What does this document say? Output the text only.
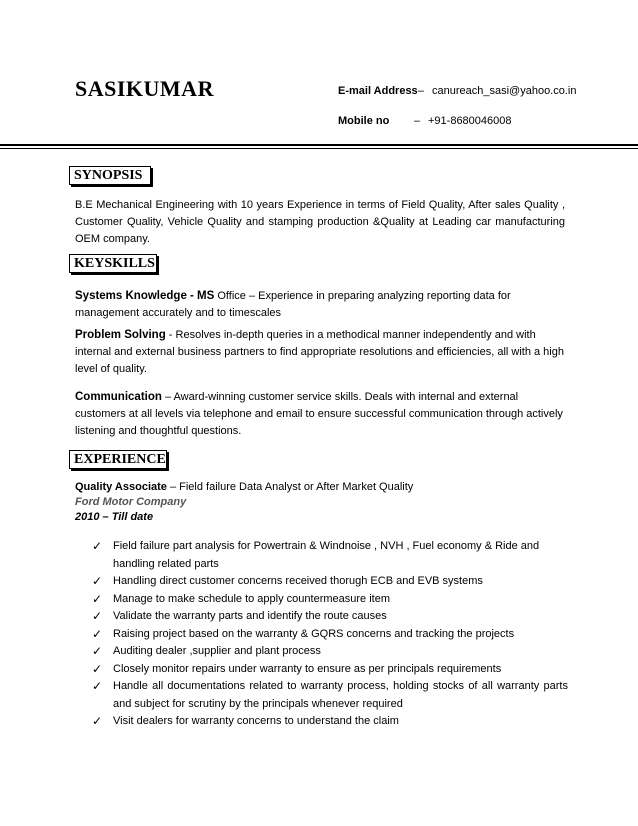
SASIKUMAR	E-mail Address– canureach_sasi@yahoo.co.in
Mobile no – +91-8680046008
SYNOPSIS
B.E Mechanical Engineering with 10 years Experience in terms of Field Quality, After sales Quality , Customer Quality, Vehicle Quality and stamping production &Quality at Leading car manufacturing OEM company.
KEYSKILLS
Systems Knowledge - MS Office – Experience in preparing analyzing reporting data for management accurately and to timescales
Problem Solving - Resolves in-depth queries in a methodical manner independently and with internal and external business partners to find appropriate resolutions and efficiencies, all with a high level of quality.
Communication – Award-winning customer service skills. Deals with internal and external customers at all levels via telephone and email to ensure successful communication through actively listening and thoughtful questions.
EXPERIENCE
Quality Associate – Field failure Data Analyst or After Market Quality
Ford Motor Company
2010 – Till date
✓ Field failure part analysis for Powertrain & Windnoise , NVH , Fuel economy & Ride and handling related parts
✓ Handling direct customer concerns received thorugh ECB and EVB systems
✓ Manage to make schedule to apply countermeasure item
✓ Validate the warranty parts and identify the route causes
✓ Raising project based on the warranty & GQRS concerns and tracking the projects
✓ Auditing dealer ,supplier and plant process
✓ Closely monitor repairs under warranty to ensure as per principals requirements
✓ Handle all documentations related to warranty process, holding stocks of all warranty parts and subject for scrutiny by the principals whenever required
✓ Visit dealers for warranty concerns to understand the claim
